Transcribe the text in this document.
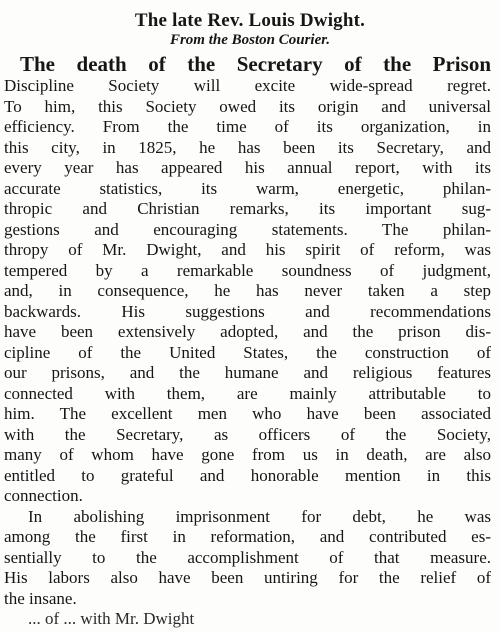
The late Rev. Louis Dwight.
From the Boston Courier.
The death of the Secretary of the Prison
Discipline Society will excite wide-spread regret.
To him, this Society owed its origin and universal
efficiency. From the time of its organization, in
this city, in 1825, he has been its Secretary, and
every year has appeared his annual report, with its
accurate statistics, its warm, energetic, philan-
thropic and Christian remarks, its important sug-
gestions and encouraging statements. The philan-
thropy of Mr. Dwight, and his spirit of reform, was
tempered by a remarkable soundness of judgment,
and, in consequence, he has never taken a step
backwards. His suggestions and recommendations
have been extensively adopted, and the prison dis-
cipline of the United States, the construction of
our prisons, and the humane and religious features
connected with them, are mainly attributable to
him. The excellent men who have been associated
with the Secretary, as officers of the Society,
many of whom have gone from us in death, are also
entitled to grateful and honorable mention in this
connection.
In abolishing imprisonment for debt, he was
among the first in reformation, and contributed es-
sentially to the accomplishment of that measure.
His labors also have been untiring for the relief of
the insane.
... of ... with Mr. Dwight
